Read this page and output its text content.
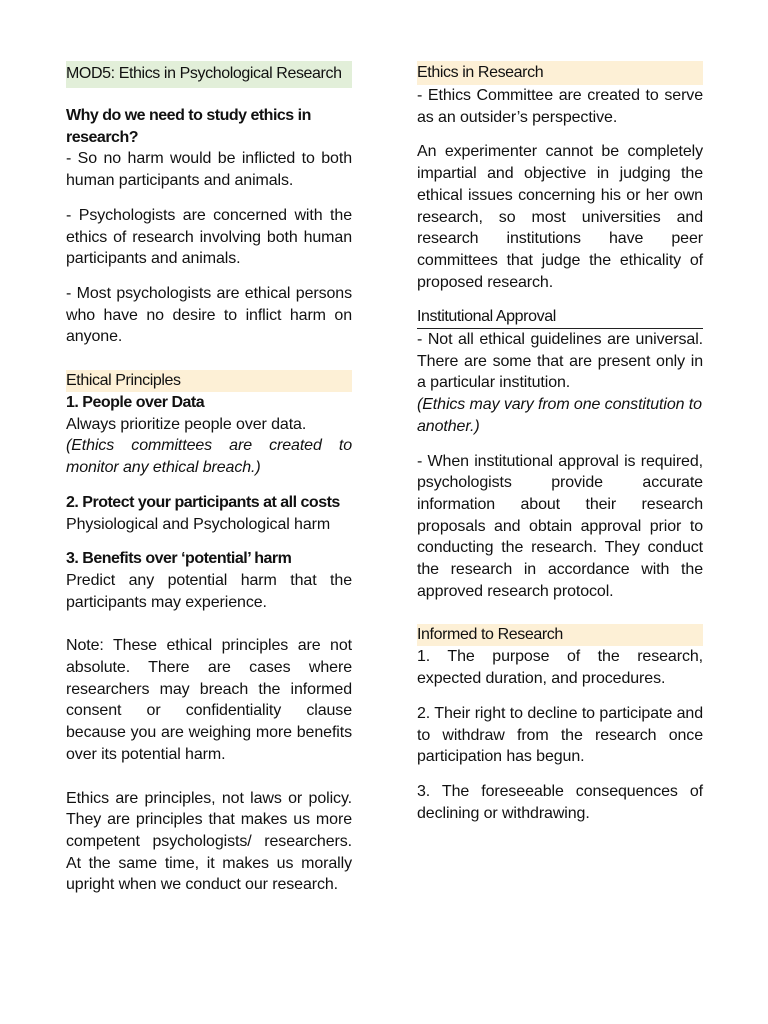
MOD5: Ethics in Psychological Research

Why do we need to study ethics in research?

- So no harm would be inflicted to both human participants and animals.

- Psychologists are concerned with the ethics of research involving both human participants and animals.

- Most psychologists are ethical persons who have no desire to inflict harm on anyone.

Ethical Principles

1. People over Data

Always prioritize people over data.

(Ethics committees are created to monitor any ethical breach.)

2. Protect your participants at all costs

Physiological and Psychological harm

3. Benefits over ‘potential’ harm

Predict any potential harm that the participants may experience.

Note: These ethical principles are not absolute. There are cases where researchers may breach the informed consent or confidentiality clause because you are weighing more benefits over its potential harm.

Ethics are principles, not laws or policy. They are principles that makes us more competent psychologists/ researchers. At the same time, it makes us morally upright when we conduct our research.

Ethics in Research

- Ethics Committee are created to serve as an outsider’s perspective.

An experimenter cannot be completely impartial and objective in judging the ethical issues concerning his or her own research, so most universities and research institutions have peer committees that judge the ethicality of proposed research.

Institutional Approval

- Not all ethical guidelines are universal. There are some that are present only in a particular institution.

(Ethics may vary from one constitution to another.)

- When institutional approval is required, psychologists provide accurate information about their research proposals and obtain approval prior to conducting the research. They conduct the research in accordance with the approved research protocol.

Informed to Research

1. The purpose of the research, expected duration, and procedures.

2. Their right to decline to participate and to withdraw from the research once participation has begun.

3. The foreseeable consequences of declining or withdrawing.
